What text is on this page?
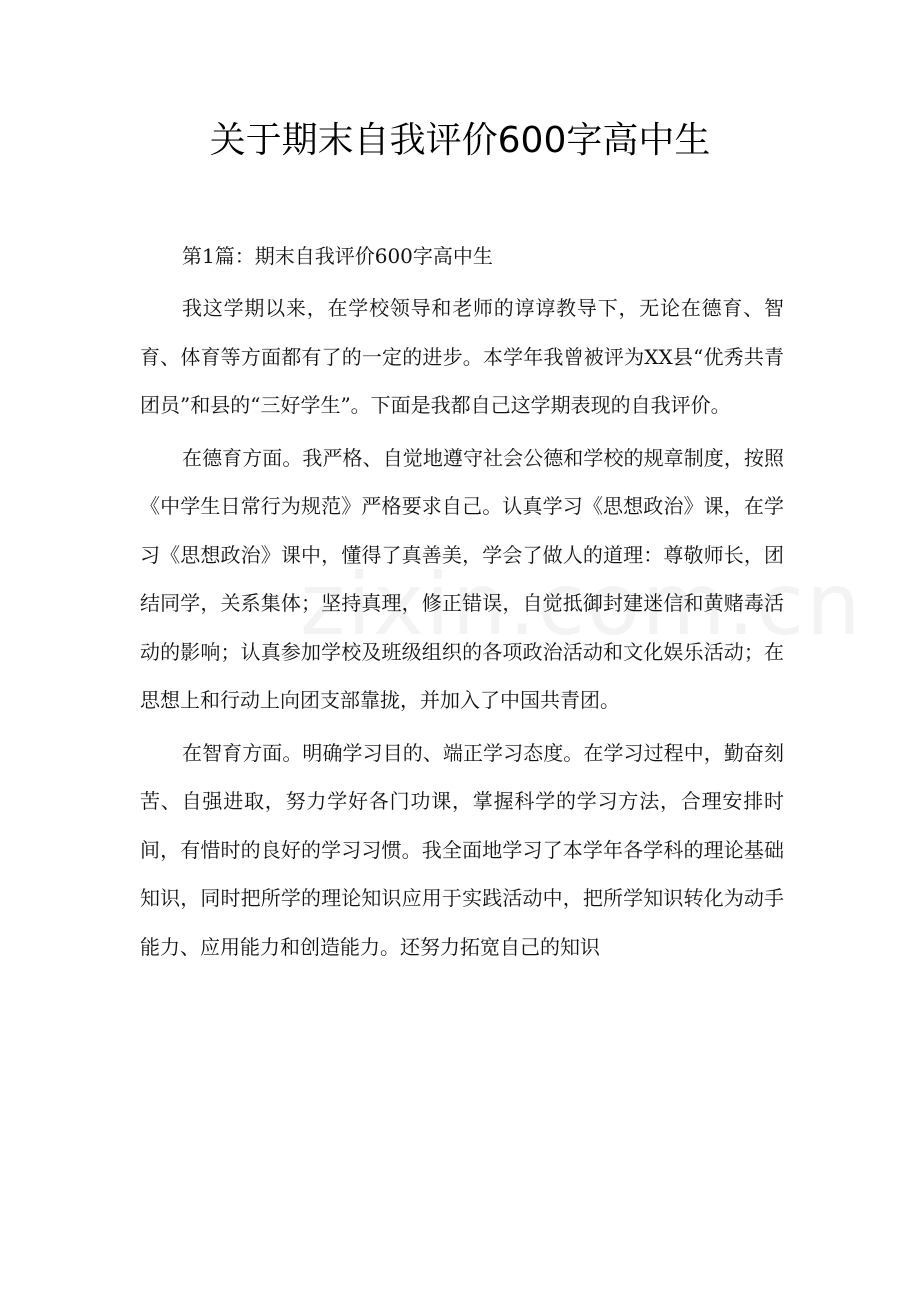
关于期末自我评价600字高中生

第1篇：期末自我评价600字高中生

我这学期以来，在学校领导和老师的谆谆教导下，无论在德育、智育、体育等方面都有了的一定的进步。本学年我曾被评为XX县“优秀共青团员”和县的“三好学生”。下面是我都自己这学期表现的自我评价。

在德育方面。我严格、自觉地遵守社会公德和学校的规章制度，按照《中学生日常行为规范》严格要求自己。认真学习《思想政治》课，在学习《思想政治》课中，懂得了真善美，学会了做人的道理：尊敬师长，团结同学，关系集体；坚持真理，修正错误，自觉抵御封建迷信和黄赌毒活动的影响；认真参加学校及班级组织的各项政治活动和文化娱乐活动；在思想上和行动上向团支部靠拢，并加入了中国共青团。

在智育方面。明确学习目的、端正学习态度。在学习过程中，勤奋刻苦、自强进取，努力学好各门功课，掌握科学的学习方法，合理安排时间，有惜时的良好的学习习惯。我全面地学习了本学年各学科的理论基础知识，同时把所学的理论知识应用于实践活动中，把所学知识转化为动手能力、应用能力和创造能力。还努力拓宽自己的知识
